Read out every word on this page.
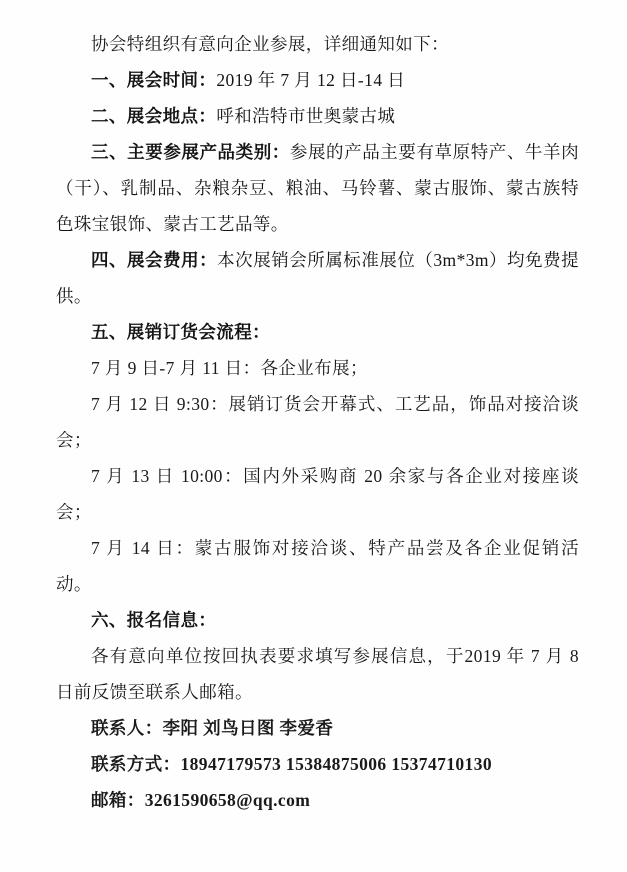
协会特组织有意向企业参展，详细通知如下：

一、展会时间：2019 年 7 月 12 日-14 日

二、展会地点：呼和浩特市世奥蒙古城

三、主要参展产品类别：参展的产品主要有草原特产、牛羊肉（干）、乳制品、杂粮杂豆、粮油、马铃薯、蒙古服饰、蒙古族特色珠宝银饰、蒙古工艺品等。

四、展会费用：本次展销会所属标准展位（3m*3m）均免费提供。

五、展销订货会流程：

7 月 9 日-7 月 11 日：各企业布展；

7 月 12 日 9:30：展销订货会开幕式、工艺品，饰品对接洽谈会；

7 月 13 日 10:00：国内外采购商 20 余家与各企业对接座谈会；

7 月 14 日：蒙古服饰对接洽谈、特产品尝及各企业促销活动。

六、报名信息：

各有意向单位按回执表要求填写参展信息，于2019 年 7 月 8 日前反馈至联系人邮箱。

联系人：李阳 刘鸟日图 李爱香

联系方式：18947179573 15384875006 15374710130

邮箱：3261590658@qq.com
